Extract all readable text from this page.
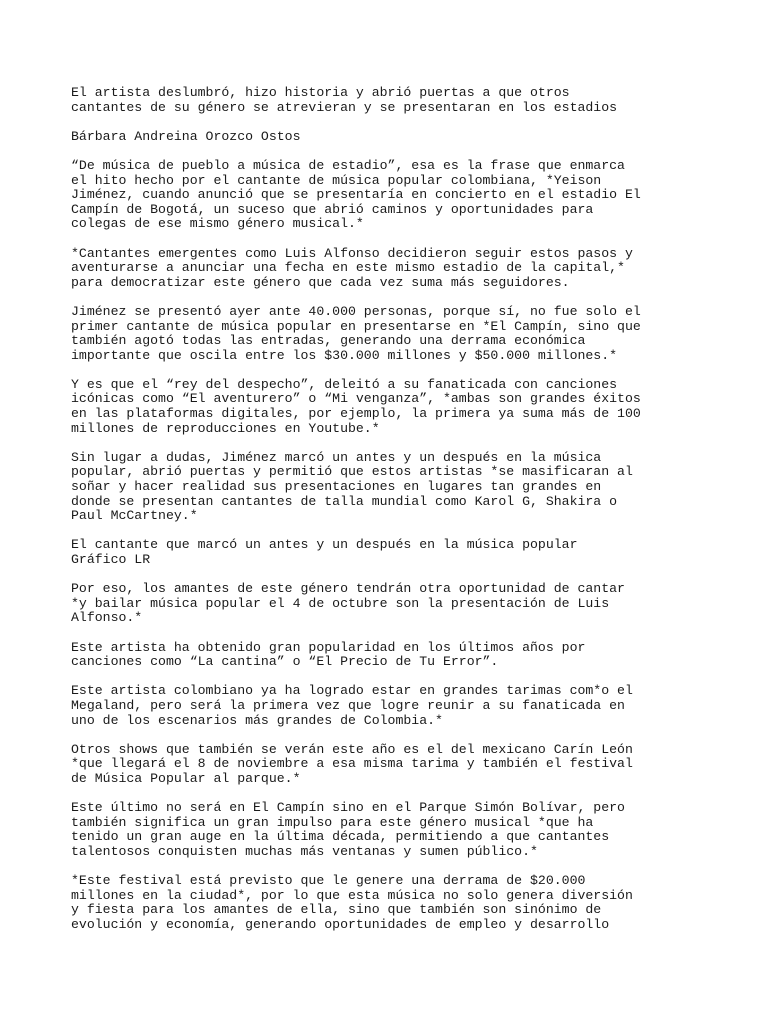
El artista deslumbró, hizo historia y abrió puertas a que otros
cantantes de su género se atrevieran y se presentaran en los estadios

Bárbara Andreina Orozco Ostos

“De música de pueblo a música de estadio”, esa es la frase que enmarca
el hito hecho por el cantante de música popular colombiana, *Yeison
Jiménez, cuando anunció que se presentaría en concierto en el estadio El
Campín de Bogotá, un suceso que abrió caminos y oportunidades para
colegas de ese mismo género musical.*

*Cantantes emergentes como Luis Alfonso decidieron seguir estos pasos y
aventurarse a anunciar una fecha en este mismo estadio de la capital,*
para democratizar este género que cada vez suma más seguidores.

Jiménez se presentó ayer ante 40.000 personas, porque sí, no fue solo el
primer cantante de música popular en presentarse en *El Campín, sino que
también agotó todas las entradas, generando una derrama económica
importante que oscila entre los $30.000 millones y $50.000 millones.*

Y es que el “rey del despecho”, deleitó a su fanaticada con canciones
icónicas como “El aventurero” o “Mi venganza”, *ambas son grandes éxitos
en las plataformas digitales, por ejemplo, la primera ya suma más de 100
millones de reproducciones en Youtube.*

Sin lugar a dudas, Jiménez marcó un antes y un después en la música
popular, abrió puertas y permitió que estos artistas *se masificaran al
soñar y hacer realidad sus presentaciones en lugares tan grandes en
donde se presentan cantantes de talla mundial como Karol G, Shakira o
Paul McCartney.*

El cantante que marcó un antes y un después en la música popular
Gráfico LR

Por eso, los amantes de este género tendrán otra oportunidad de cantar
*y bailar música popular el 4 de octubre son la presentación de Luis
Alfonso.*

Este artista ha obtenido gran popularidad en los últimos años por
canciones como “La cantina” o “El Precio de Tu Error”.

Este artista colombiano ya ha logrado estar en grandes tarimas com*o el
Megaland, pero será la primera vez que logre reunir a su fanaticada en
uno de los escenarios más grandes de Colombia.*

Otros shows que también se verán este año es el del mexicano Carín León
*que llegará el 8 de noviembre a esa misma tarima y también el festival
de Música Popular al parque.*

Este último no será en El Campín sino en el Parque Simón Bolívar, pero
también significa un gran impulso para este género musical *que ha
tenido un gran auge en la última década, permitiendo a que cantantes
talentosos conquisten muchas más ventanas y sumen público.*

*Este festival está previsto que le genere una derrama de $20.000
millones en la ciudad*, por lo que esta música no solo genera diversión
y fiesta para los amantes de ella, sino que también son sinónimo de
evolución y economía, generando oportunidades de empleo y desarrollo
